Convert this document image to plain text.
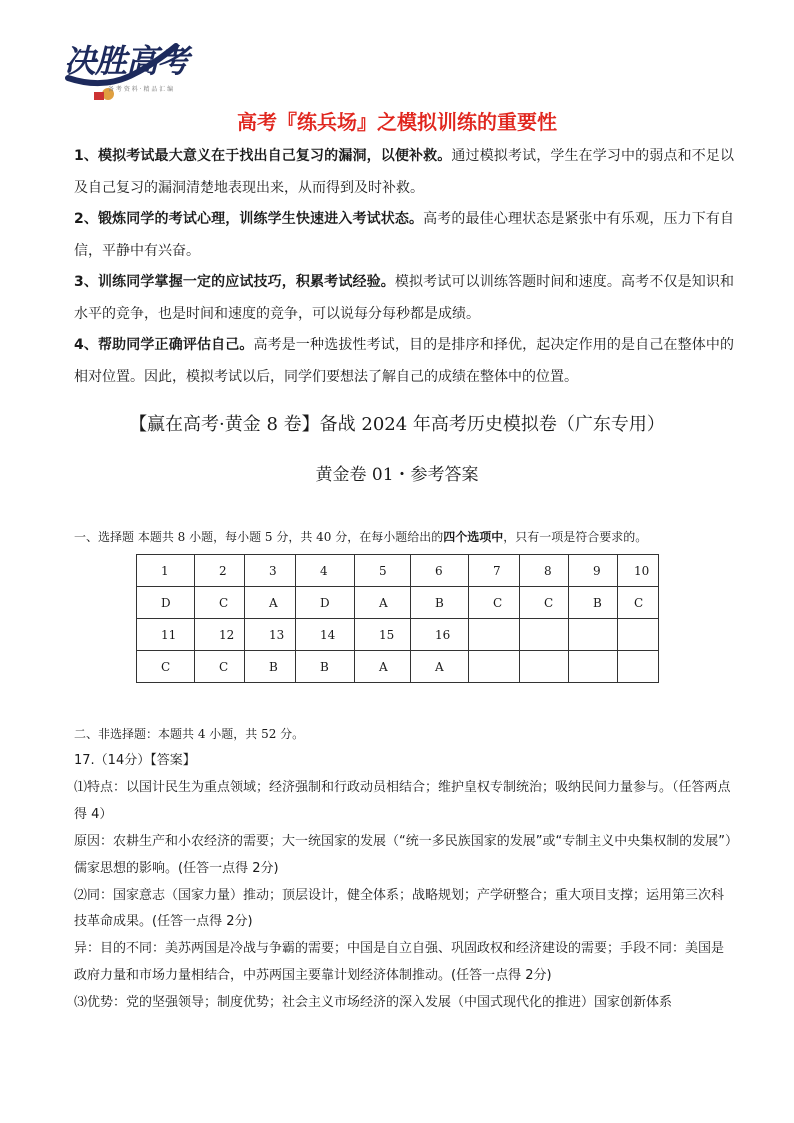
决胜高考
备 考 资 料 · 精 品 汇 编
高考『练兵场』之模拟训练的重要性

1、模拟考试最大意义在于找出自己复习的漏洞，以便补救。通过模拟考试，学生在学习中的弱点和不足以及自己复习的漏洞清楚地表现出来，从而得到及时补救。

2、锻炼同学的考试心理，训练学生快速进入考试状态。高考的最佳心理状态是紧张中有乐观，压力下有自信，平静中有兴奋。

3、训练同学掌握一定的应试技巧，积累考试经验。模拟考试可以训练答题时间和速度。高考不仅是知识和水平的竞争，也是时间和速度的竞争，可以说每分每秒都是成绩。

4、帮助同学正确评估自己。高考是一种选拔性考试，目的是排序和择优，起决定作用的是自己在整体中的相对位置。因此，模拟考试以后，同学们要想法了解自己的成绩在整体中的位置。

【赢在高考·黄金 8 卷】备战 2024 年高考历史模拟卷（广东专用）
黄金卷 01・参考答案
一、选择题 本题共 8 小题，每小题 5 分，共 40 分，在每小题给出的四个选项中，只有一项是符合要求的。
1	2	3	4	5	6	7	8	9	10
D	C	A	D	A	B	C	C	B	C
11	12	13	14	15	16				
C	C	B	B	A	A				
二、非选择题：本题共 4 小题，共 52 分。

17.（14分）【答案】

⑴特点：以国计民生为重点领域；经济强制和行政动员相结合；维护皇权专制统治；吸纳民间力量参与。（任答两点得 4）

原因：农耕生产和小农经济的需要；大一统国家的发展（“统一多民族国家的发展”或“专制主义中央集权制的发展”）儒家思想的影响。(任答一点得 2分)

⑵同：国家意志（国家力量）推动；顶层设计，健全体系；战略规划；产学研整合；重大项目支撑；运用第三次科技革命成果。(任答一点得 2分)

异：目的不同：美苏两国是冷战与争霸的需要；中国是自立自强、巩固政权和经济建设的需要；手段不同：美国是政府力量和市场力量相结合，中苏两国主要靠计划经济体制推动。(任答一点得 2分)

⑶优势：党的坚强领导；制度优势；社会主义市场经济的深入发展（中国式现代化的推进）国家创新体系
